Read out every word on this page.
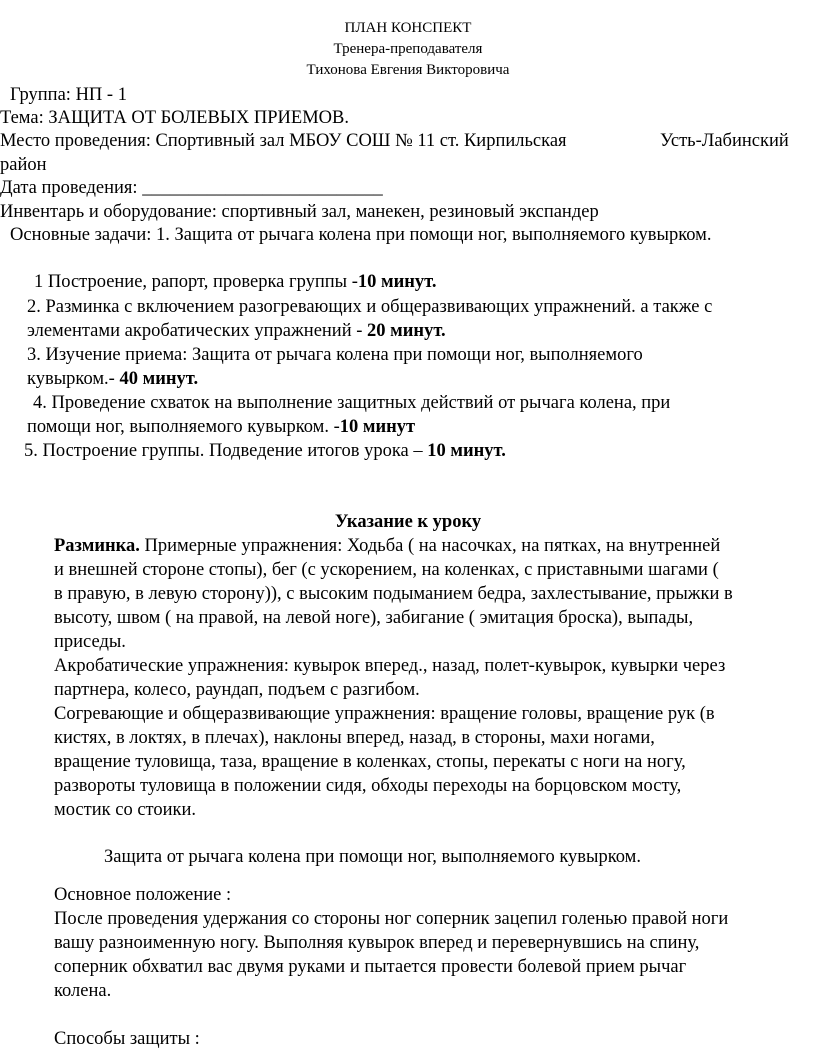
ПЛАН КОНСПЕКТ
Тренера-преподавателя
Тихонова Евгения Викторовича
Группа: НП - 1
Тема: ЗАЩИТА ОТ БОЛЕВЫХ ПРИЕМОВ.
Место проведения: Спортивный зал МБОУ СОШ № 11 ст. Кирпильская	Усть-Лабинский
район
Дата проведения: __________________________
Инвентарь и оборудование: спортивный зал, манекен, резиновый экспандер
Основные задачи: 1. Защита от рычага колена при помощи ног, выполняемого кувырком.
1 Построение, рапорт, проверка группы -10 минут.
2. Разминка с включением разогревающих и общеразвивающих упражнений. а также с
элементами акробатических упражнений - 20 минут.
3. Изучение приема: Защита от рычага колена при помощи ног, выполняемого
кувырком.- 40 минут.
4. Проведение схваток на выполнение защитных действий от рычага колена, при
помощи ног, выполняемого кувырком. -10 минут
5. Построение группы. Подведение итогов урока – 10 минут.
Указание к уроку
Разминка. Примерные упражнения: Ходьба ( на насочках, на пятках, на внутренней
и внешней стороне стопы), бег (с ускорением, на коленках, с приставными шагами (
в правую, в левую сторону)), с высоким подыманием бедра, захлестывание, прыжки в
высоту, швом ( на правой, на левой ноге), забигание ( эмитация броска), выпады,
приседы.
Акробатические упражнения: кувырок вперед., назад, полет-кувырок, кувырки через
партнера, колесо, раундап, подъем с разгибом.
Согревающие и общеразвивающие упражнения: вращение головы, вращение рук (в
кистях, в локтях, в плечах), наклоны вперед, назад, в стороны, махи ногами,
вращение туловища, таза, вращение в коленках, стопы, перекаты с ноги на ногу,
развороты туловища в положении сидя, обходы переходы на борцовском мосту,
мостик со стоики.
Защита от рычага колена при помощи ног, выполняемого кувырком.
Основное положение :
После проведения удержания со стороны ног соперник зацепил голенью правой ноги
вашу разноименную ногу. Выполняя кувырок вперед и перевернувшись на спину,
соперник обхватил вас двумя руками и пытается провести болевой прием рычаг
колена.
Способы защиты :
